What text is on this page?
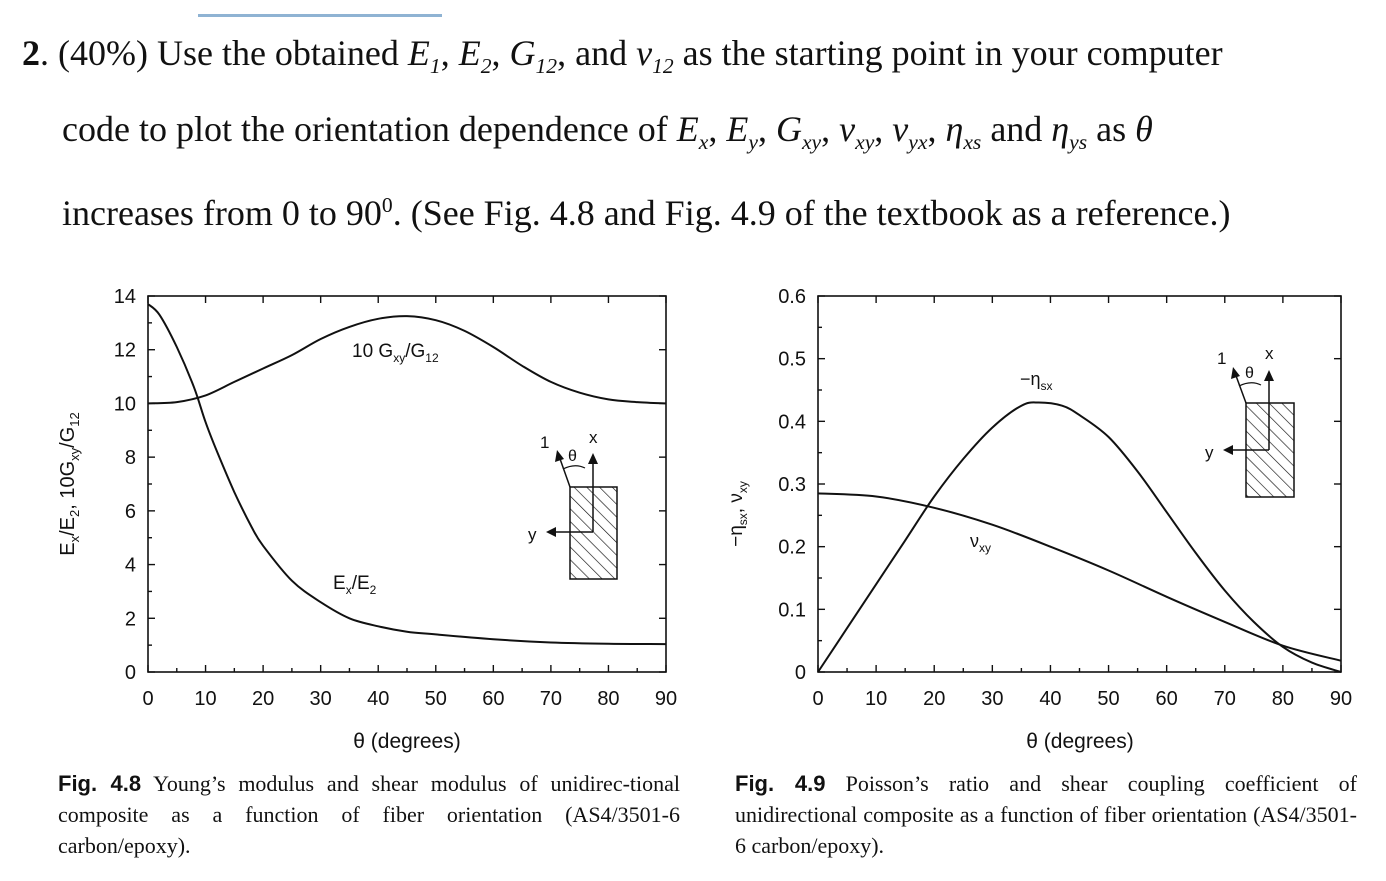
2. (40%) Use the obtained $E_1$, $E_2$, $G_{12}$, and $\nu_{12}$ as the starting point in your computer
code to plot the orientation dependence of $E_x$, $E_y$, $G_{xy}$, $\nu_{xy}$, $\nu_{yx}$, $\eta_{xs}$ and $\eta_{ys}$ as θ
increases from 0 to $90^0$. (See Fig. 4.8 and Fig. 4.9 of the textbook as a reference.)
0 10 20 30 40 50 60 70 80 90
0
2
4
6
8
10
12
14
θ (degrees)
$E_x/E_2$, $10G_{xy}/G_{12}$
10 $G_{xy}/G_{12}$
$E_x/E_2$
1
θ
x
y
0 10 20 30 40 50 60 70 80 90
0
0.1
0.2
0.3
0.4
0.5
0.6
θ (degrees)
$-\eta_{sx}$, $\nu_{xy}$
$-\eta_{sx}$
$\nu_{xy}$
1
θ
x
y
Fig. 4.8 Young’s modulus and shear modulus of unidirec-tional composite as a function of fiber orientation (AS4/3501-6 carbon/epoxy).
Fig. 4.9 Poisson’s ratio and shear coupling coefficient of unidirectional composite as a function of fiber orientation (AS4/3501-6 carbon/epoxy).
